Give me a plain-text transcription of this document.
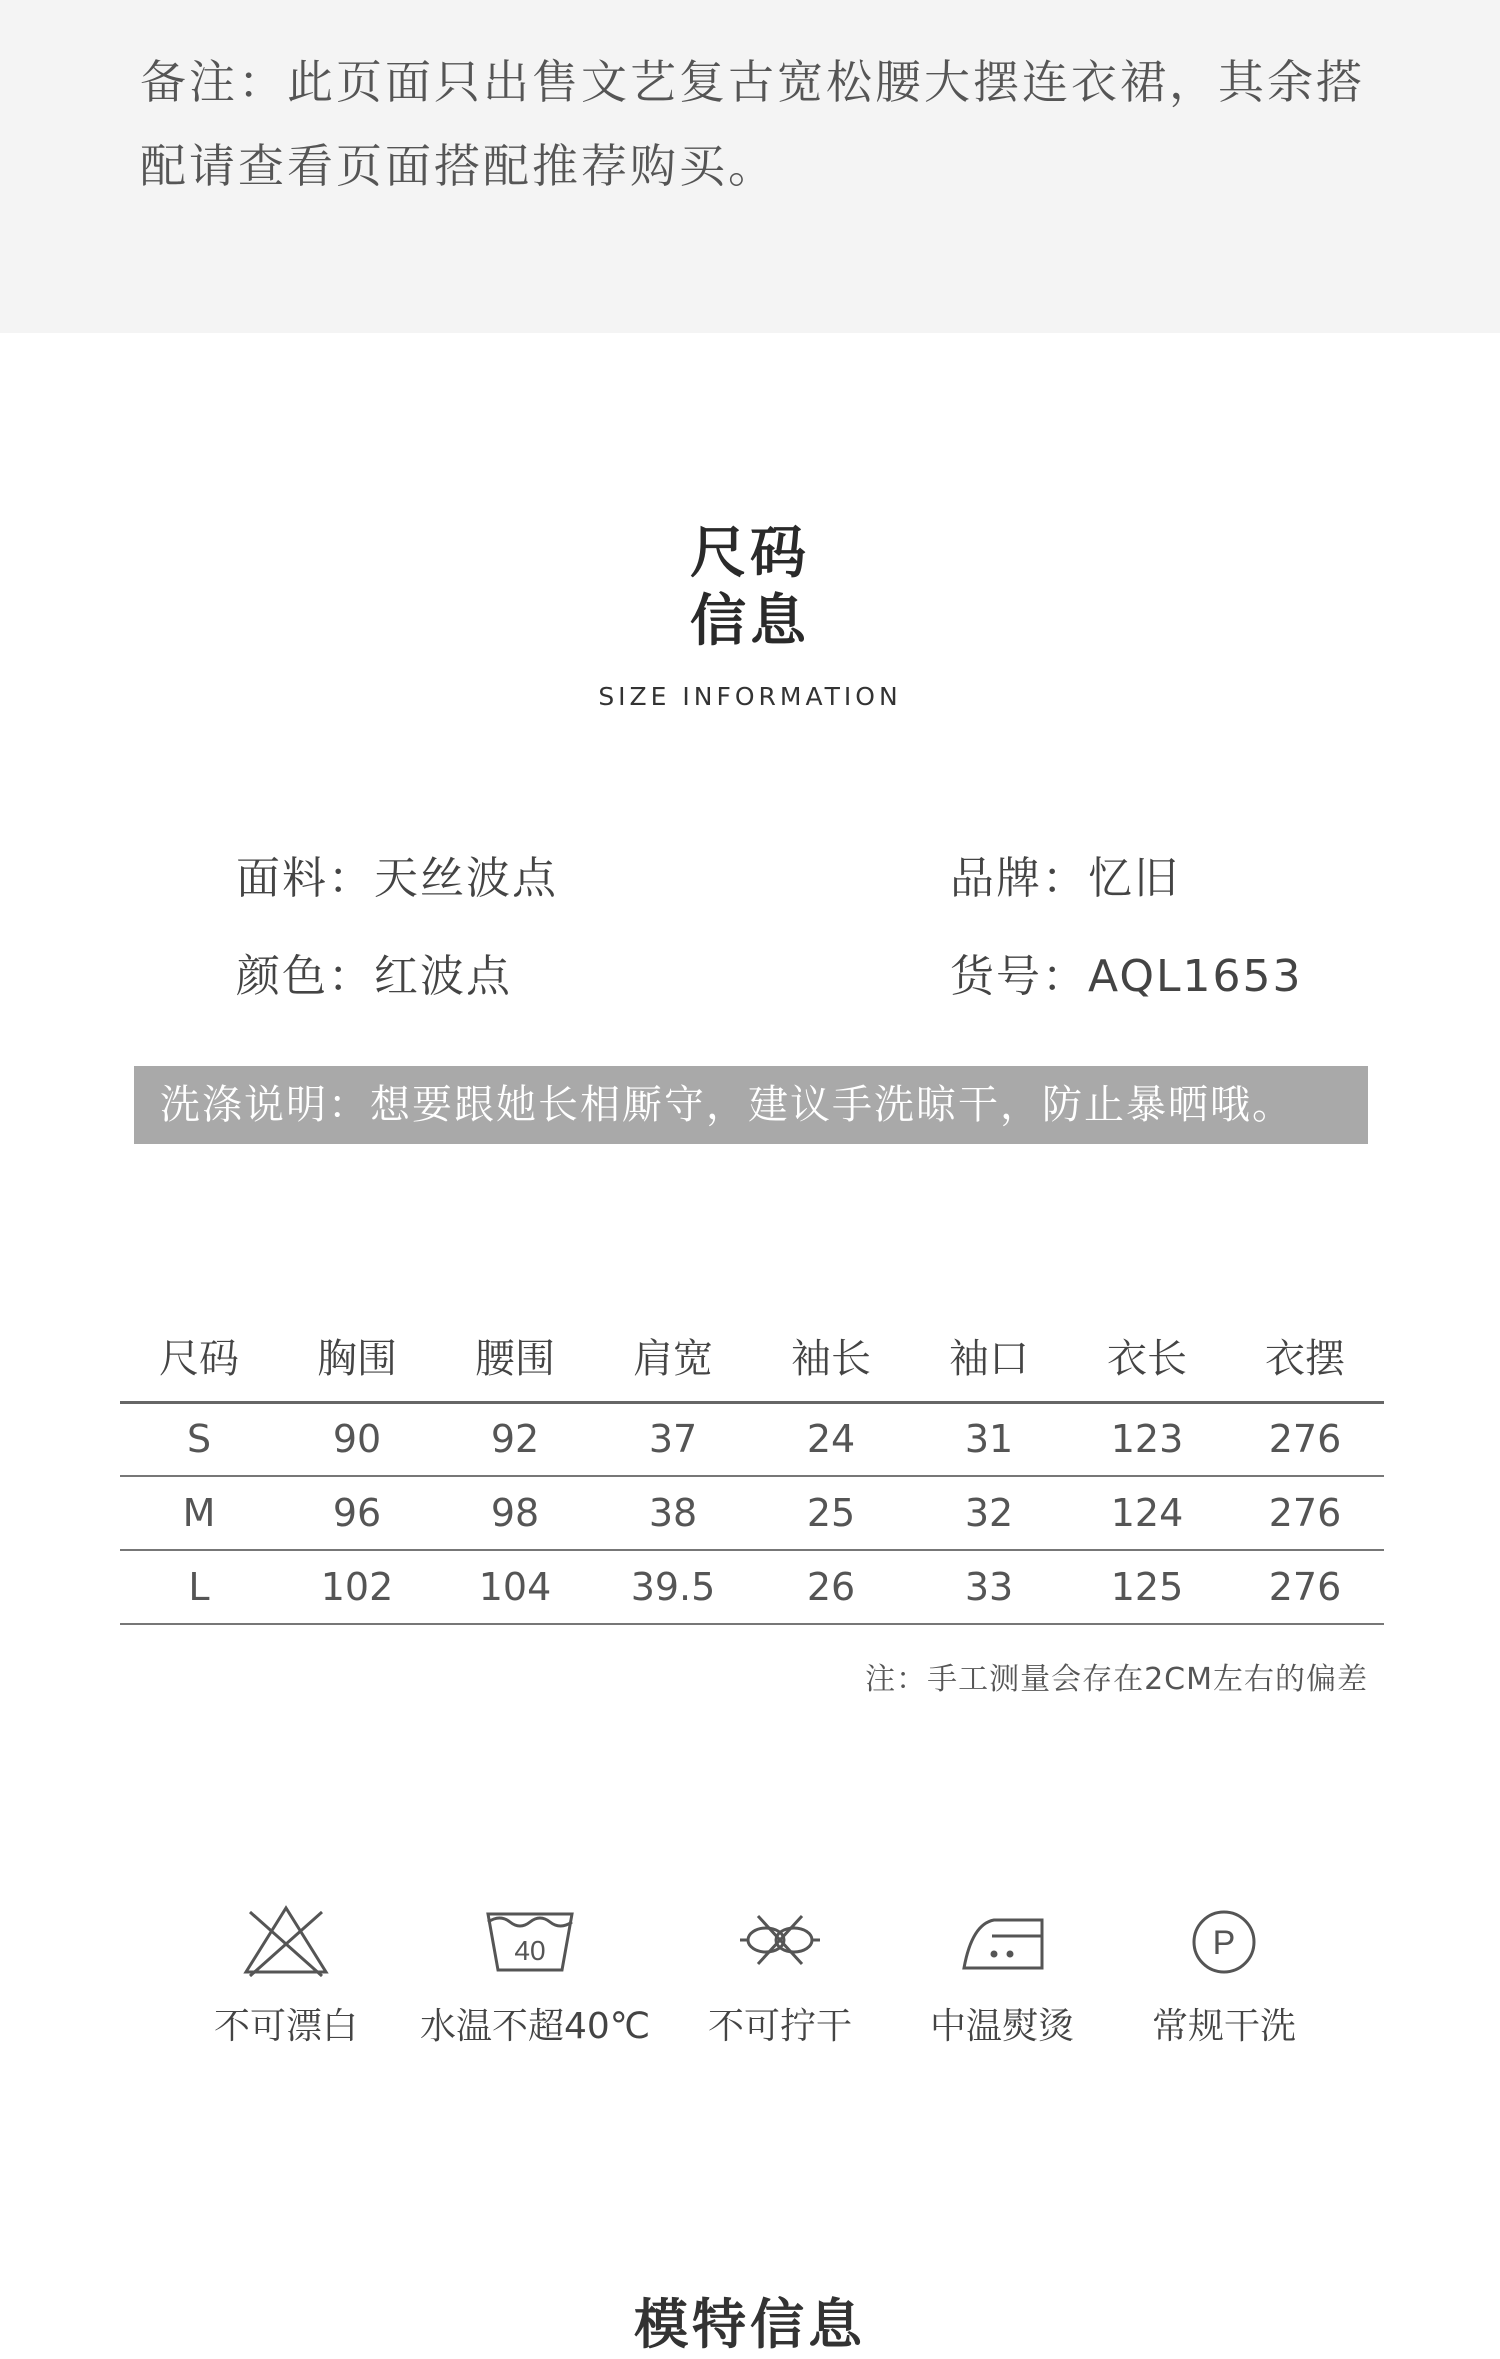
备注：此页面只出售文艺复古宽松腰大摆连衣裙，其余搭配请查看页面搭配推荐购买。
尺码
信息
SIZE INFORMATION
面料：天丝波点	品牌：忆旧
颜色：红波点	货号：AQL1653
洗涤说明：想要跟她长相厮守，建议手洗晾干，防止暴晒哦。
尺码	胸围	腰围	肩宽	袖长	袖口	衣长	衣摆
S	90	92	37	24	31	123	276
M	96	98	38	25	32	124	276
L	102	104	39.5	26	33	125	276
注：手工测量会存在2CM左右的偏差
不可漂白
40
水温不超40℃	不可拧干	中温熨烫
P
常规干洗
模特信息
